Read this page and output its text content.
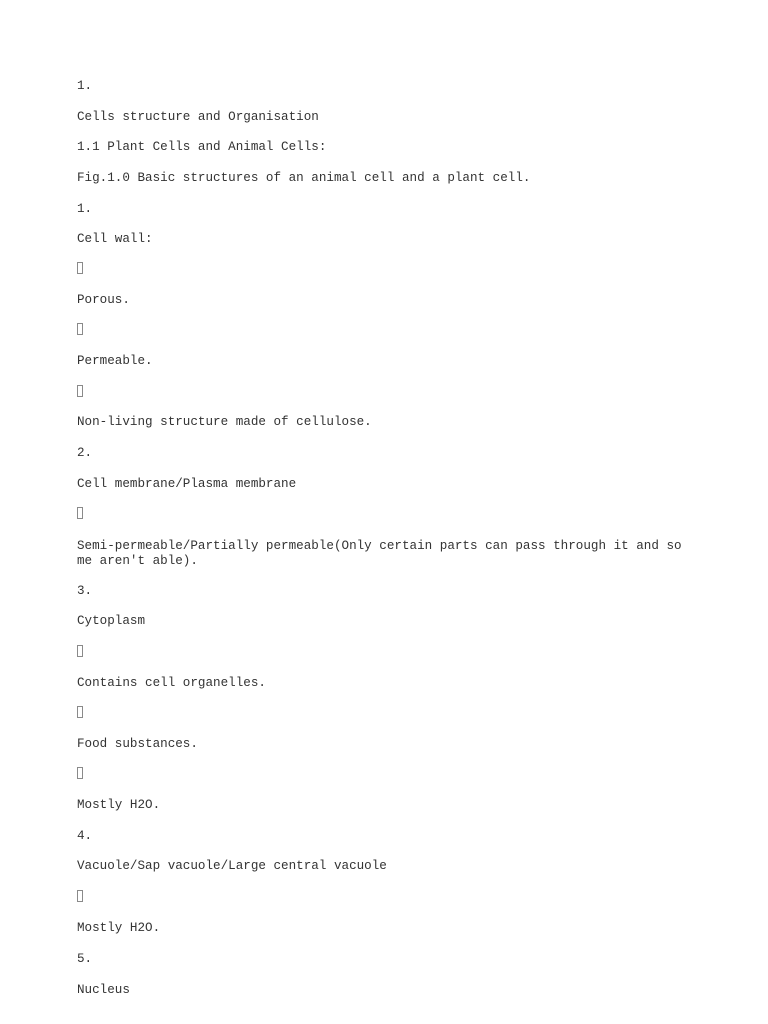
1.

Cells structure and Organisation

1.1 Plant Cells and Animal Cells:

Fig.1.0 Basic structures of an animal cell and a plant cell.

1.

Cell wall:

Porous.

Permeable.

Non-living structure made of cellulose.

2.

Cell membrane/Plasma membrane

Semi-permeable/Partially permeable(Only certain parts can pass through it and so
me aren't able).

3.

Cytoplasm

Contains cell organelles.

Food substances.

Mostly H2O.

4.

Vacuole/Sap vacuole/Large central vacuole

Mostly H2O.

5.

Nucleus
